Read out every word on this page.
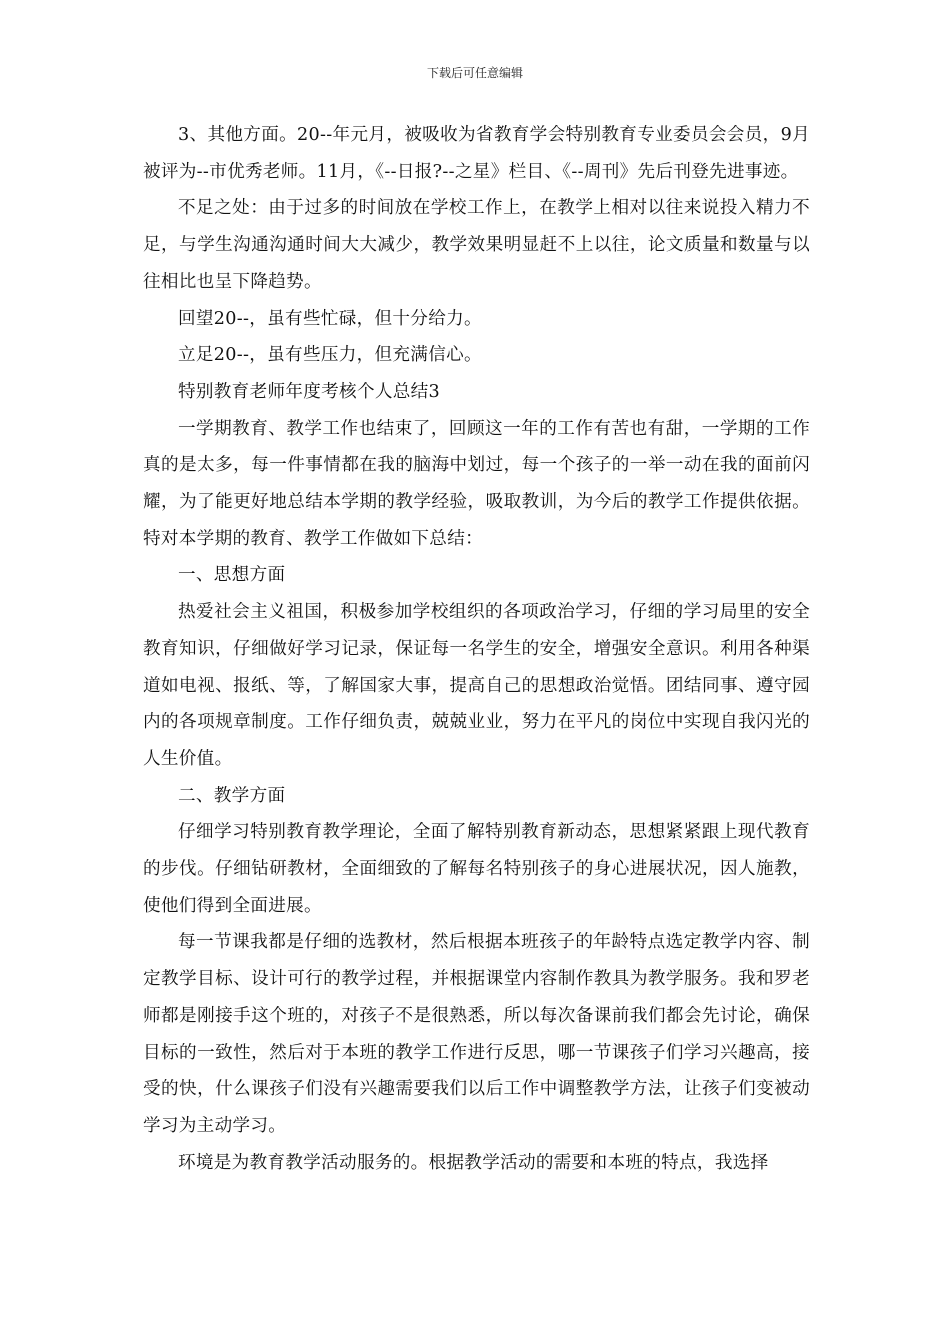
下载后可任意编辑

3、其他方面。20--年元月，被吸收为省教育学会特别教育专业委员会会员，9月被评为--市优秀老师。11月，《--日报?--之星》栏目、《--周刊》先后刊登先进事迹。

不足之处：由于过多的时间放在学校工作上，在教学上相对以往来说投入精力不足，与学生沟通沟通时间大大减少，教学效果明显赶不上以往，论文质量和数量与以往相比也呈下降趋势。

回望20--，虽有些忙碌，但十分给力。

立足20--，虽有些压力，但充满信心。

特别教育老师年度考核个人总结3

一学期教育、教学工作也结束了，回顾这一年的工作有苦也有甜，一学期的工作真的是太多，每一件事情都在我的脑海中划过，每一个孩子的一举一动在我的面前闪耀，为了能更好地总结本学期的教学经验，吸取教训，为今后的教学工作提供依据。特对本学期的教育、教学工作做如下总结：

一、思想方面

热爱社会主义祖国，积极参加学校组织的各项政治学习，仔细的学习局里的安全教育知识，仔细做好学习记录，保证每一名学生的安全，增强安全意识。利用各种渠道如电视、报纸、等，了解国家大事，提高自己的思想政治觉悟。团结同事、遵守园内的各项规章制度。工作仔细负责，兢兢业业，努力在平凡的岗位中实现自我闪光的人生价值。

二、教学方面

仔细学习特别教育教学理论，全面了解特别教育新动态，思想紧紧跟上现代教育的步伐。仔细钻研教材，全面细致的了解每名特别孩子的身心进展状况，因人施教，使他们得到全面进展。

每一节课我都是仔细的选教材，然后根据本班孩子的年龄特点选定教学内容、制定教学目标、设计可行的教学过程，并根据课堂内容制作教具为教学服务。我和罗老师都是刚接手这个班的，对孩子不是很熟悉，所以每次备课前我们都会先讨论，确保目标的一致性，然后对于本班的教学工作进行反思，哪一节课孩子们学习兴趣高，接受的快，什么课孩子们没有兴趣需要我们以后工作中调整教学方法，让孩子们变被动学习为主动学习。

环境是为教育教学活动服务的。根据教学活动的需要和本班的特点，我选择
